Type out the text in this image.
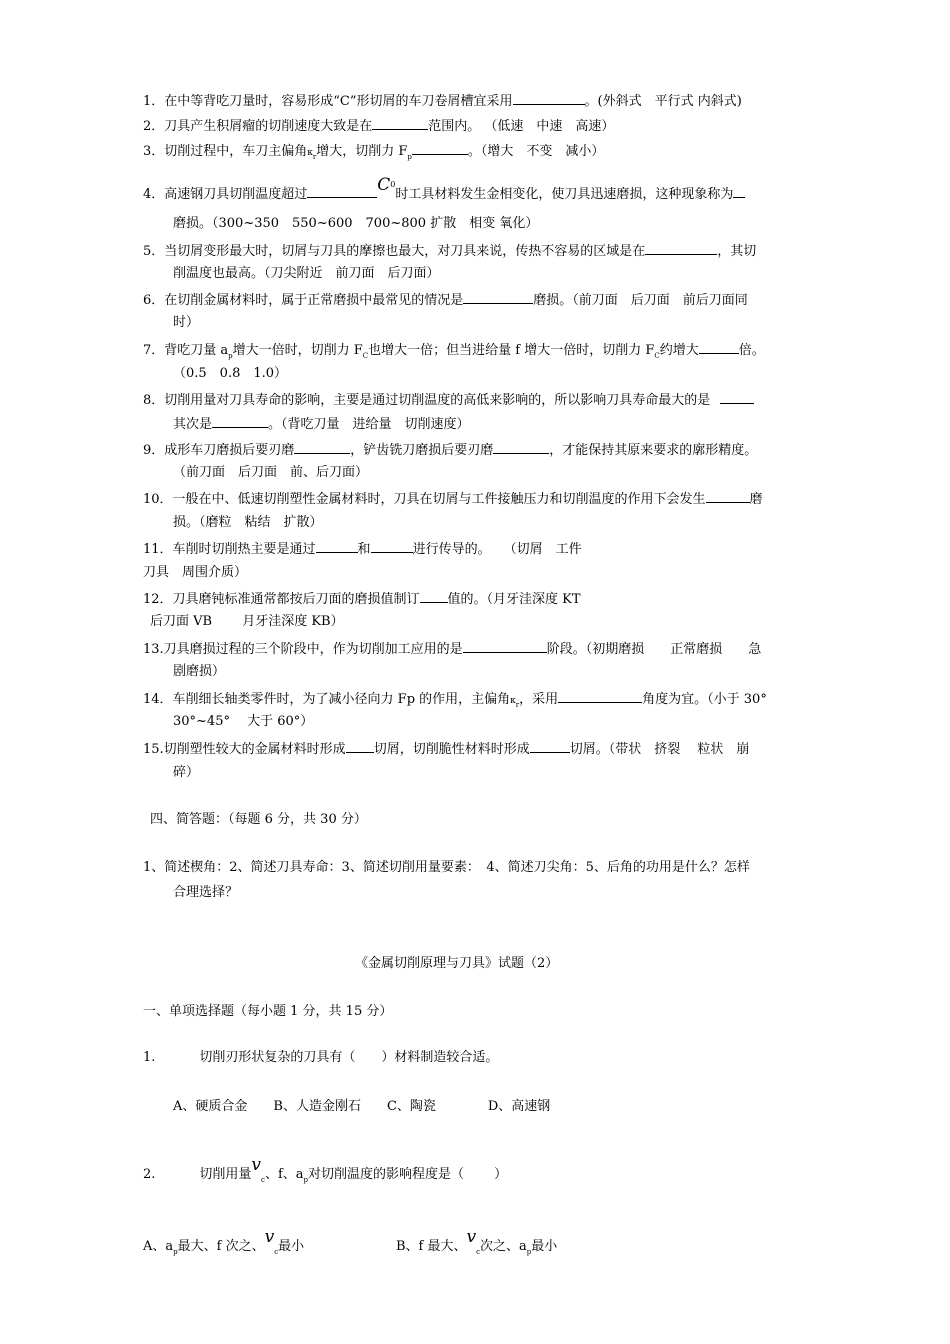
1．在中等背吃刀量时，容易形成“C”形切屑的车刀卷屑槽宜采用	。(外斜式　平行式 内斜式)
2．刀具产生积屑瘤的切削速度大致是在	范围内。 （低速　中速　高速）
3．切削过程中，车刀主偏角$\kappa_r$增大，切削力 $F_p$	。（增大　不变　减小）
4．高速钢刀具切削温度超过	$C^0$时工具材料发生金相变化，使刀具迅速磨损，这种现象称为
磨损。（300~350　550~600　700~800 扩散　相变 氧化）
5．当切屑变形最大时，切屑与刀具的摩擦也最大，对刀具来说，传热不容易的区域是在	，其切
削温度也最高。（刀尖附近　前刀面　后刀面）
6．在切削金属材料时，属于正常磨损中最常见的情况是	磨损。（前刀面　后刀面　前后刀面同
时）
7．背吃刀量 $a_p$增大一倍时，切削力 $F_C$也增大一倍；但当进给量 f 增大一倍时，切削力 $F_C$约增大	倍。
（0.5　0.8　1.0）
8．切削用量对刀具寿命的影响，主要是通过切削温度的高低来影响的，所以影响刀具寿命最大的是
其次是	。（背吃刀量　进给量　切削速度）
9．成形车刀磨损后要刃磨	，铲齿铣刀磨损后要刃磨	，才能保持其原来要求的廓形精度。
（前刀面　后刀面　前、后刀面）
10．一般在中、低速切削塑性金属材料时，刀具在切屑与工件接触压力和切削温度的作用下会发生	磨
损。（磨粒　粘结　扩散）
11．车削时切削热主要是通过	和	进行传导的。　　（切屑　工件
刀具　周围介质）
12．刀具磨钝标准通常都按后刀面的磨损值制订 值的。（月牙洼深度 KT
后刀面 VB　　 月牙洼深度 KB）
13.刀具磨损过程的三个阶段中，作为切削加工应用的是	阶段。（初期磨损　　正常磨损　　急
剧磨损）
14．车削细长轴类零件时，为了减小径向力 Fp 的作用，主偏角$\kappa_r$，采用	角度为宜。（小于 30°
30°~45°　 大于 60°）
15.切削塑性较大的金属材料时形成 切屑，切削脆性材料时形成	切屑。（带状　挤裂　 粒状　崩
碎）
四、简答题：（每题 6 分，共 30 分）
1、简述楔角：2、简述刀具寿命：3、简述切削用量要素：　4、简述刀尖角：5、后角的功用是什么？怎样
合理选择？
《金属切削原理与刀具》试题（2）
一、单项选择题（每小题 1 分，共 15 分）
1.	切削刃形状复杂的刀具有（　　）材料制造较合适。
A、硬质合金　　B、人造金刚石　　C、陶瓷　　　　D、高速钢
2.	切削用量$v_c$、f、$a_p$对切削温度的影响程度是（　　 ）
A、$a_p$最大、f 次之、$v_c$最小	B、f 最大、$v_c$次之、$a_p$最小
